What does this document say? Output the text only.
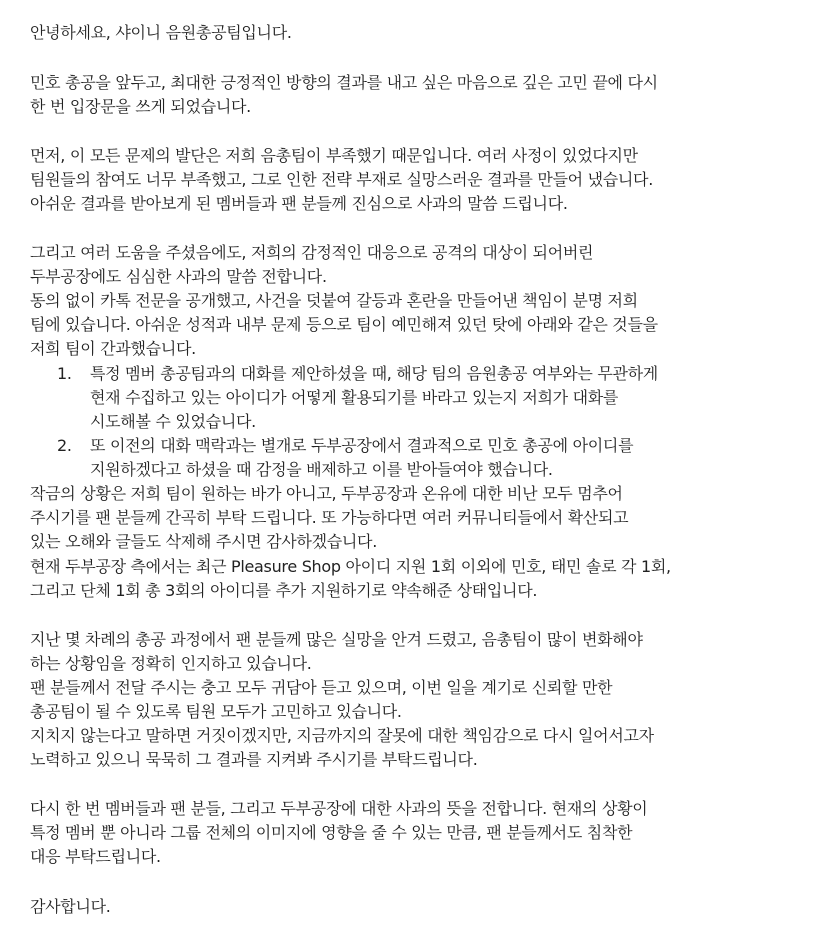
안녕하세요, 샤이니 음원총공팀입니다.
민호 총공을 앞두고, 최대한 긍정적인 방향의 결과를 내고 싶은 마음으로 깊은 고민 끝에 다시
한 번 입장문을 쓰게 되었습니다.
먼저, 이 모든 문제의 발단은 저희 음총팀이 부족했기 때문입니다. 여러 사정이 있었다지만
팀원들의 참여도 너무 부족했고, 그로 인한 전략 부재로 실망스러운 결과를 만들어 냈습니다.
아쉬운 결과를 받아보게 된 멤버들과 팬 분들께 진심으로 사과의 말씀 드립니다.
그리고 여러 도움을 주셨음에도, 저희의 감정적인 대응으로 공격의 대상이 되어버린
두부공장에도 심심한 사과의 말씀 전합니다.
동의 없이 카톡 전문을 공개했고, 사건을 덧붙여 갈등과 혼란을 만들어낸 책임이 분명 저희
팀에 있습니다. 아쉬운 성적과 내부 문제 등으로 팀이 예민해져 있던 탓에 아래와 같은 것들을
저희 팀이 간과했습니다.
1. 특정 멤버 총공팀과의 대화를 제안하셨을 때, 해당 팀의 음원총공 여부와는 무관하게
현재 수집하고 있는 아이디가 어떻게 활용되기를 바라고 있는지 저희가 대화를
시도해볼 수 있었습니다.
2. 또 이전의 대화 맥락과는 별개로 두부공장에서 결과적으로 민호 총공에 아이디를
지원하겠다고 하셨을 때 감정을 배제하고 이를 받아들여야 했습니다.
작금의 상황은 저희 팀이 원하는 바가 아니고, 두부공장과 온유에 대한 비난 모두 멈추어
주시기를 팬 분들께 간곡히 부탁 드립니다. 또 가능하다면 여러 커뮤니티들에서 확산되고
있는 오해와 글들도 삭제해 주시면 감사하겠습니다.
현재 두부공장 측에서는 최근 Pleasure Shop 아이디 지원 1회 이외에 민호, 태민 솔로 각 1회,
그리고 단체 1회 총 3회의 아이디를 추가 지원하기로 약속해준 상태입니다.
지난 몇 차례의 총공 과정에서 팬 분들께 많은 실망을 안겨 드렸고, 음총팀이 많이 변화해야
하는 상황임을 정확히 인지하고 있습니다.
팬 분들께서 전달 주시는 충고 모두 귀담아 듣고 있으며, 이번 일을 계기로 신뢰할 만한
총공팀이 될 수 있도록 팀원 모두가 고민하고 있습니다.
지치지 않는다고 말하면 거짓이겠지만, 지금까지의 잘못에 대한 책임감으로 다시 일어서고자
노력하고 있으니 묵묵히 그 결과를 지켜봐 주시기를 부탁드립니다.
다시 한 번 멤버들과 팬 분들, 그리고 두부공장에 대한 사과의 뜻을 전합니다. 현재의 상황이
특정 멤버 뿐 아니라 그룹 전체의 이미지에 영향을 줄 수 있는 만큼, 팬 분들께서도 침착한
대응 부탁드립니다.
감사합니다.
